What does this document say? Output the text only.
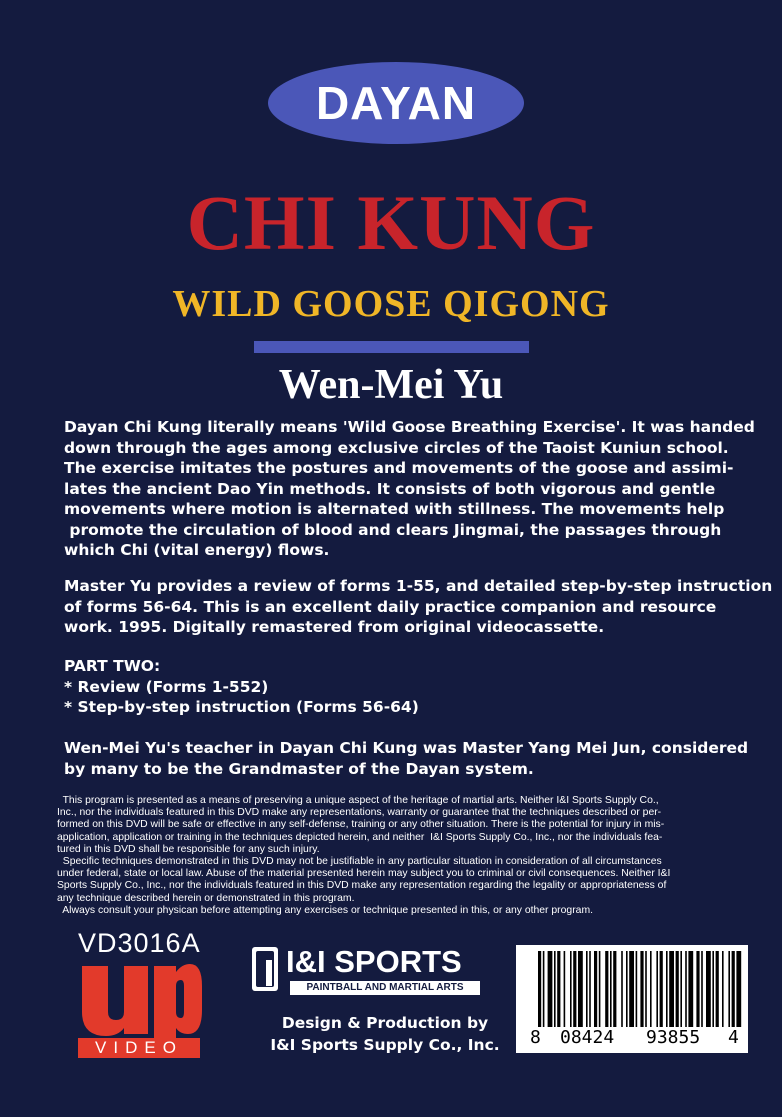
DAYAN
CHI KUNG
WILD GOOSE QIGONG
Wen-Mei Yu
Dayan Chi Kung literally means 'Wild Goose Breathing Exercise'. It was handed
down through the ages among exclusive circles of the Taoist Kuniun school.
The exercise imitates the postures and movements of the goose and assimi-
lates the ancient Dao Yin methods. It consists of both vigorous and gentle
movements where motion is alternated with stillness. The movements help
promote the circulation of blood and clears Jingmai, the passages through
which Chi (vital energy) flows.
Master Yu provides a review of forms 1-55, and detailed step-by-step instruction
of forms 56-64. This is an excellent daily practice companion and resource
work. 1995. Digitally remastered from original videocassette.
PART TWO:
* Review (Forms 1-552)
* Step-by-step instruction (Forms 56-64)
Wen-Mei Yu's teacher in Dayan Chi Kung was Master Yang Mei Jun, considered
by many to be the Grandmaster of the Dayan system.
This program is presented as a means of preserving a unique aspect of the heritage of martial arts. Neither I&I Sports Supply Co.,
Inc., nor the individuals featured in this DVD make any representations, warranty or guarantee that the techniques described or per-
formed on this DVD will be safe or effective in any self-defense, training or any other situation. There is the potential for injury in mis-
application, application or training in the techniques depicted herein, and neither  I&I Sports Supply Co., Inc., nor the individuals fea-
tured in this DVD shall be responsible for any such injury.
Specific techniques demonstrated in this DVD may not be justifiable in any particular situation in consideration of all circumstances
under federal, state or local law. Abuse of the material presented herein may subject you to criminal or civil consequences. Neither I&I
Sports Supply Co., Inc., nor the individuals featured in this DVD make any representation regarding the legality or appropriateness of
any technique described herein or demonstrated in this program.
Always consult your physican before attempting any exercises or technique presented in this, or any other program.
VD3016A
VIDEO
I&I SPORTS
PAINTBALL AND MARTIAL ARTS
Design & Production by
I&I Sports Supply Co., Inc.	8 08424 93855 4
